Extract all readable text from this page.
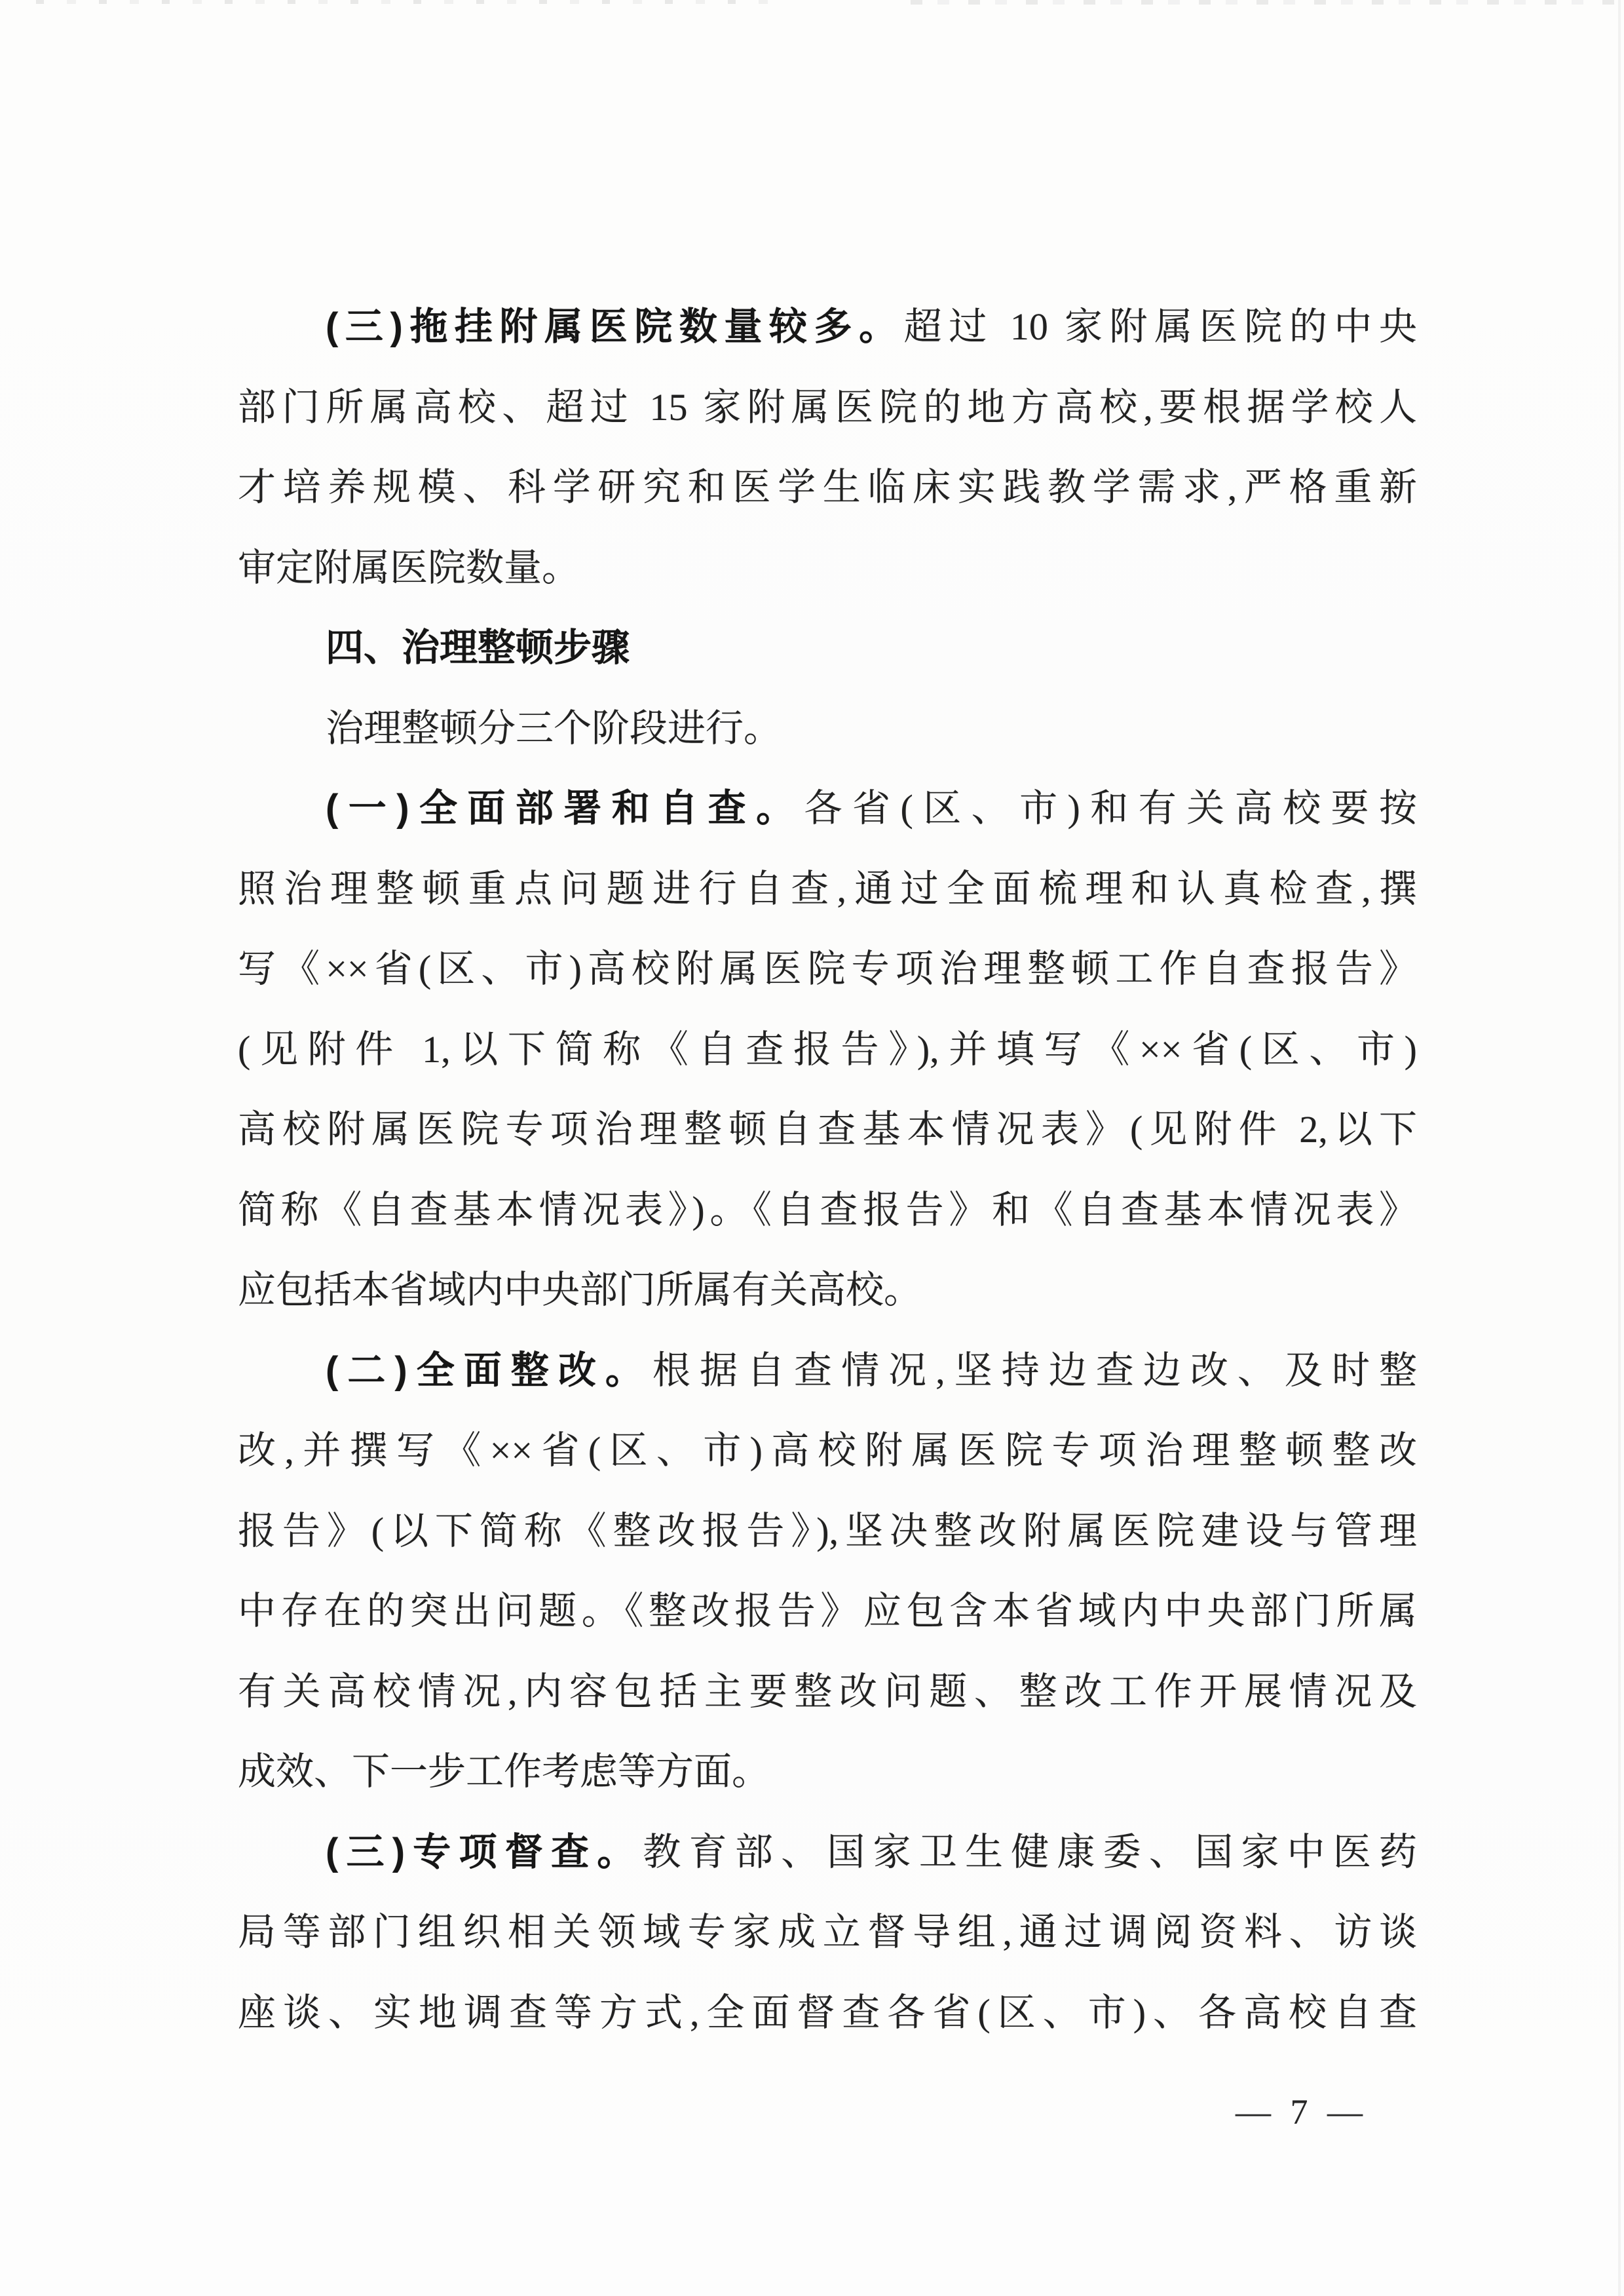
(三)拖挂附属医院数量较多。超过 10 家附属医院的中央
部门所属高校、超过 15 家附属医院的地方高校,要根据学校人
才培养规模、科学研究和医学生临床实践教学需求,严格重新
审定附属医院数量。
四、治理整顿步骤
治理整顿分三个阶段进行。
(一)全面部署和自查。各省(区、市)和有关高校要按
照治理整顿重点问题进行自查,通过全面梳理和认真检查,撰
写《××省(区、市)高校附属医院专项治理整顿工作自查报告》
(见附件 1,以下简称《自查报告》),并填写《××省(区、市)
高校附属医院专项治理整顿自查基本情况表》(见附件 2,以下
简称《自查基本情况表》)。《自查报告》和《自查基本情况表》
应包括本省域内中央部门所属有关高校。
(二)全面整改。根据自查情况,坚持边查边改、及时整
改,并撰写《××省(区、市)高校附属医院专项治理整顿整改
报告》(以下简称《整改报告》),坚决整改附属医院建设与管理
中存在的突出问题。《整改报告》应包含本省域内中央部门所属
有关高校情况,内容包括主要整改问题、整改工作开展情况及
成效、下一步工作考虑等方面。
(三)专项督查。教育部、国家卫生健康委、国家中医药
局等部门组织相关领域专家成立督导组,通过调阅资料、访谈
座谈、实地调查等方式,全面督查各省(区、市)、各高校自查
— 7 —
